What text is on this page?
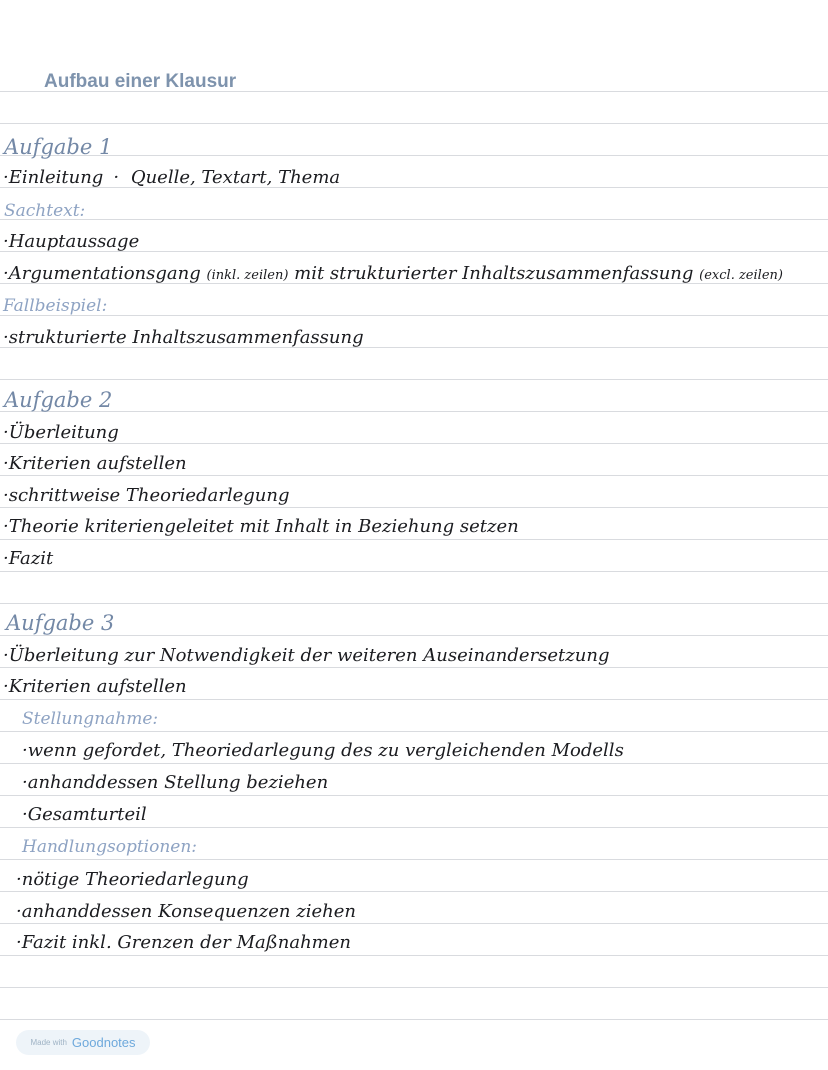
Aufbau einer Klausur
Aufgabe 1
·Einleitung · Quelle, Textart, Thema
Sachtext:
·Hauptaussage
·Argumentationsgang (inkl. zeilen) mit strukturierter Inhaltszusammenfassung (excl. zeilen)
Fallbeispiel:
·strukturierte Inhaltszusammenfassung
Aufgabe 2
·Überleitung
·Kriterien aufstellen
·schrittweise Theoriedarlegung
·Theorie kriteriengeleitet mit Inhalt in Beziehung setzen
·Fazit
Aufgabe 3
·Überleitung zur Notwendigkeit der weiteren Auseinandersetzung
·Kriterien aufstellen
Stellungnahme:
·wenn gefordet, Theoriedarlegung des zu vergleichenden Modells
·anhanddessen Stellung beziehen
·Gesamturteil
Handlungsoptionen:
·nötige Theoriedarlegung
·anhanddessen Konsequenzen ziehen
·Fazit inkl. Grenzen der Maßnahmen
Made with Goodnotes
